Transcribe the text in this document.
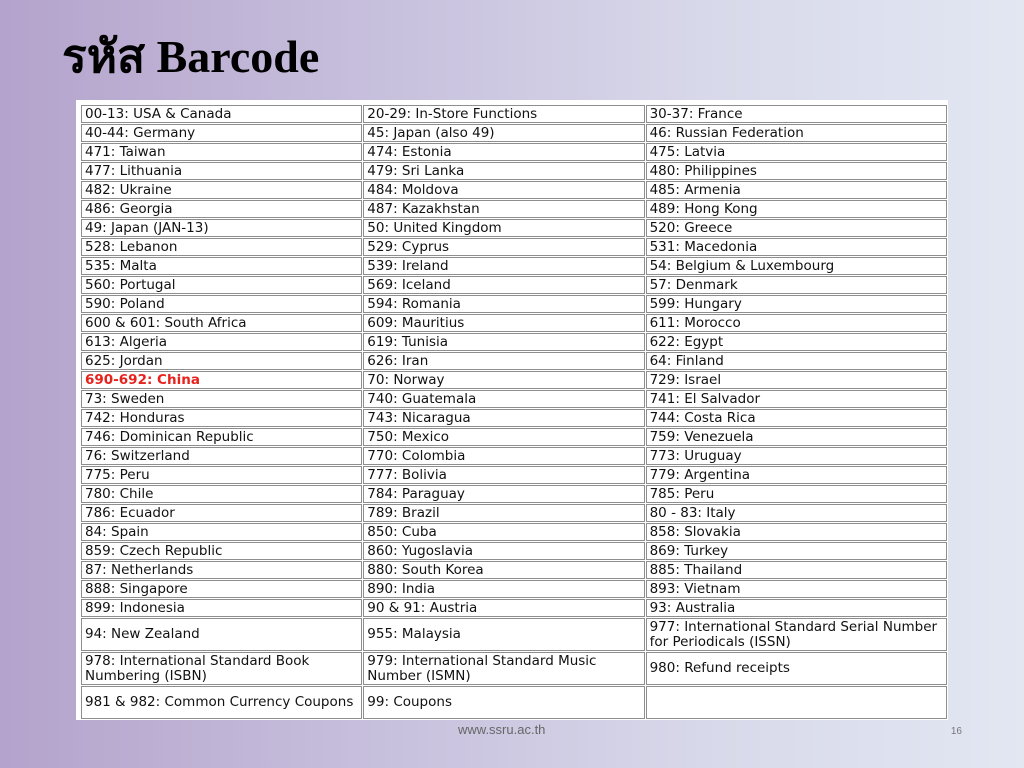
รหัส Barcode
00-13: USA & Canada	20-29: In-Store Functions	30-37: France
40-44: Germany	45: Japan (also 49)	46: Russian Federation
471: Taiwan	474: Estonia	475: Latvia
477: Lithuania	479: Sri Lanka	480: Philippines
482: Ukraine	484: Moldova	485: Armenia
486: Georgia	487: Kazakhstan	489: Hong Kong
49: Japan (JAN-13)	50: United Kingdom	520: Greece
528: Lebanon	529: Cyprus	531: Macedonia
535: Malta	539: Ireland	54: Belgium & Luxembourg
560: Portugal	569: Iceland	57: Denmark
590: Poland	594: Romania	599: Hungary
600 & 601: South Africa	609: Mauritius	611: Morocco
613: Algeria	619: Tunisia	622: Egypt
625: Jordan	626: Iran	64: Finland
690-692: China	70: Norway	729: Israel
73: Sweden	740: Guatemala	741: El Salvador
742: Honduras	743: Nicaragua	744: Costa Rica
746: Dominican Republic	750: Mexico	759: Venezuela
76: Switzerland	770: Colombia	773: Uruguay
775: Peru	777: Bolivia	779: Argentina
780: Chile	784: Paraguay	785: Peru
786: Ecuador	789: Brazil	80 - 83: Italy
84: Spain	850: Cuba	858: Slovakia
859: Czech Republic	860: Yugoslavia	869: Turkey
87: Netherlands	880: South Korea	885: Thailand
888: Singapore	890: India	893: Vietnam
899: Indonesia	90 & 91: Austria	93: Australia
94: New Zealand	955: Malaysia	977: International Standard Serial Number for Periodicals (ISSN)
978: International Standard Book Numbering (ISBN)	979: International Standard Music Number (ISMN)	980: Refund receipts
981 & 982: Common Currency Coupons	99: Coupons	
www.ssru.ac.th	16
